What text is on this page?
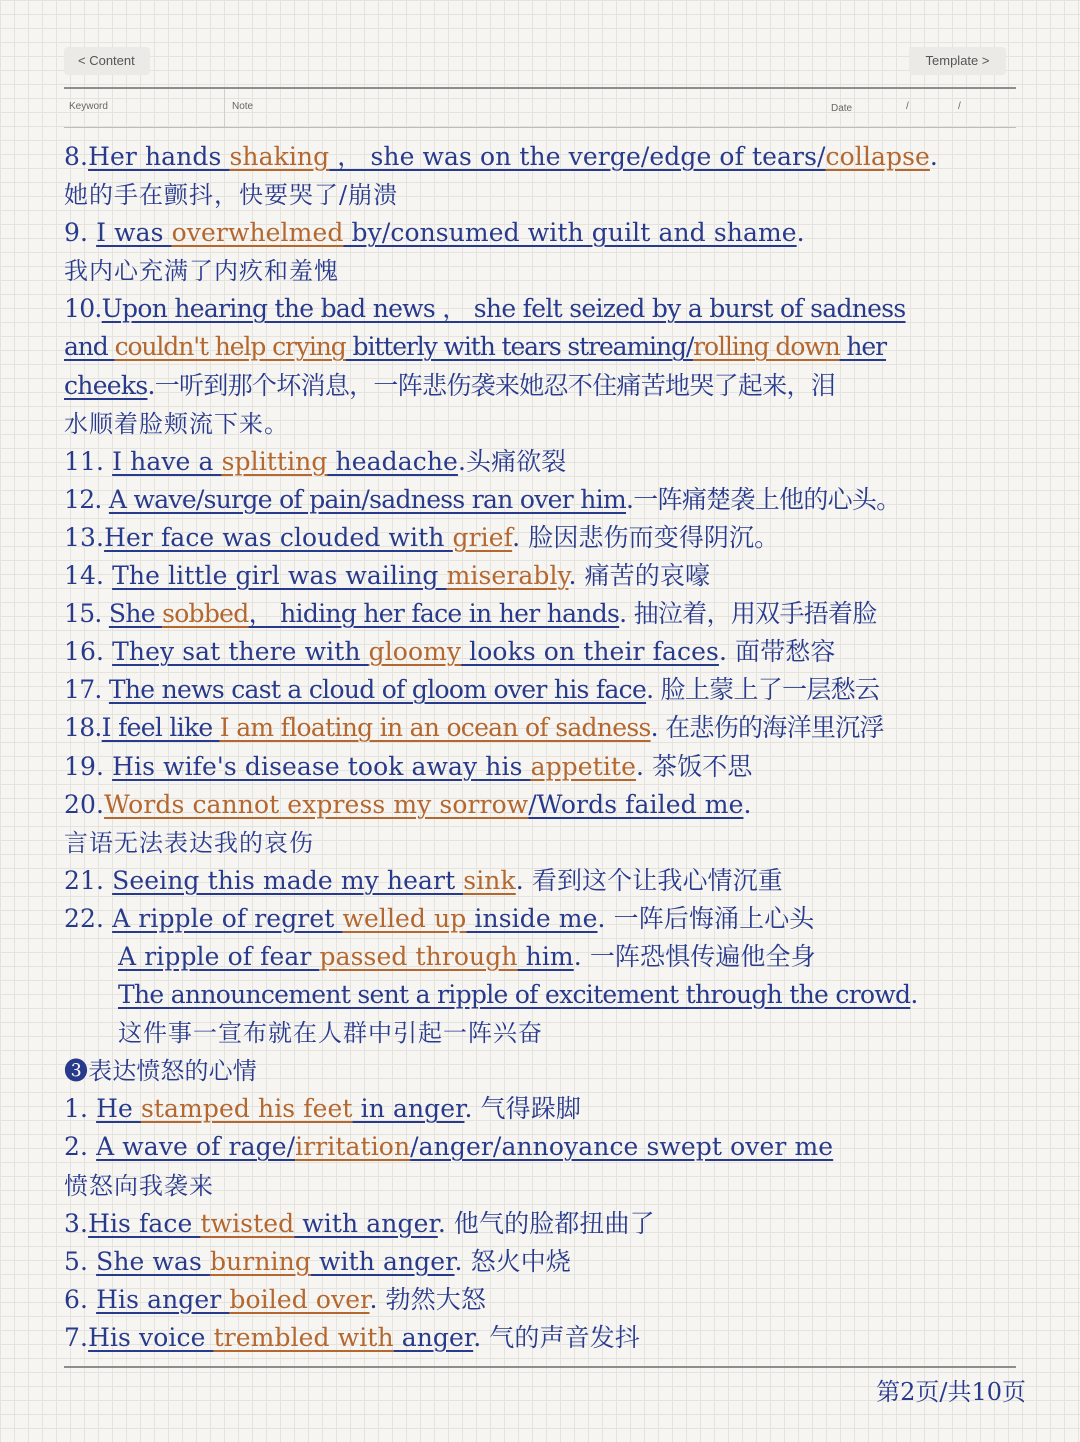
< Content	Template >
Keyword	Note	Date	/	/
8.Her hands shaking ， she was on the verge/edge of tears/collapse.
她的手在颤抖，快要哭了/崩溃
9. I was overwhelmed by/consumed with guilt and shame.
我内心充满了内疚和羞愧
10.Upon hearing the bad news ， she felt seized by a burst of sadness
and couldn't help crying bitterly with tears streaming/rolling down her
cheeks.一听到那个坏消息，一阵悲伤袭来她忍不住痛苦地哭了起来，泪
水顺着脸颊流下来。
11. I have a splitting headache.头痛欲裂
12. A wave/surge of pain/sadness ran over him.一阵痛楚袭上他的心头。
13.Her face was clouded with grief. 脸因悲伤而变得阴沉。
14. The little girl was wailing miserably. 痛苦的哀嚎
15. She sobbed， hiding her face in her hands. 抽泣着，用双手捂着脸
16. They sat there with gloomy looks on their faces. 面带愁容
17. The news cast a cloud of gloom over his face. 脸上蒙上了一层愁云
18.I feel like I am floating in an ocean of sadness. 在悲伤的海洋里沉浮
19. His wife's disease took away his appetite. 茶饭不思
20.Words cannot express my sorrow/Words failed me.
言语无法表达我的哀伤
21. Seeing this made my heart sink. 看到这个让我心情沉重
22. A ripple of regret welled up inside me. 一阵后悔涌上心头
A ripple of fear passed through him. 一阵恐惧传遍他全身
The announcement sent a ripple of excitement through the crowd.
这件事一宣布就在人群中引起一阵兴奋
❸表达愤怒的心情
1. He stamped his feet in anger. 气得跺脚
2. A wave of rage/irritation/anger/annoyance swept over me
愤怒向我袭来
3.His face twisted with anger. 他气的脸都扭曲了
5. She was burning with anger. 怒火中烧
6. His anger boiled over. 勃然大怒
7.His voice trembled with anger. 气的声音发抖
第2页/共10页
